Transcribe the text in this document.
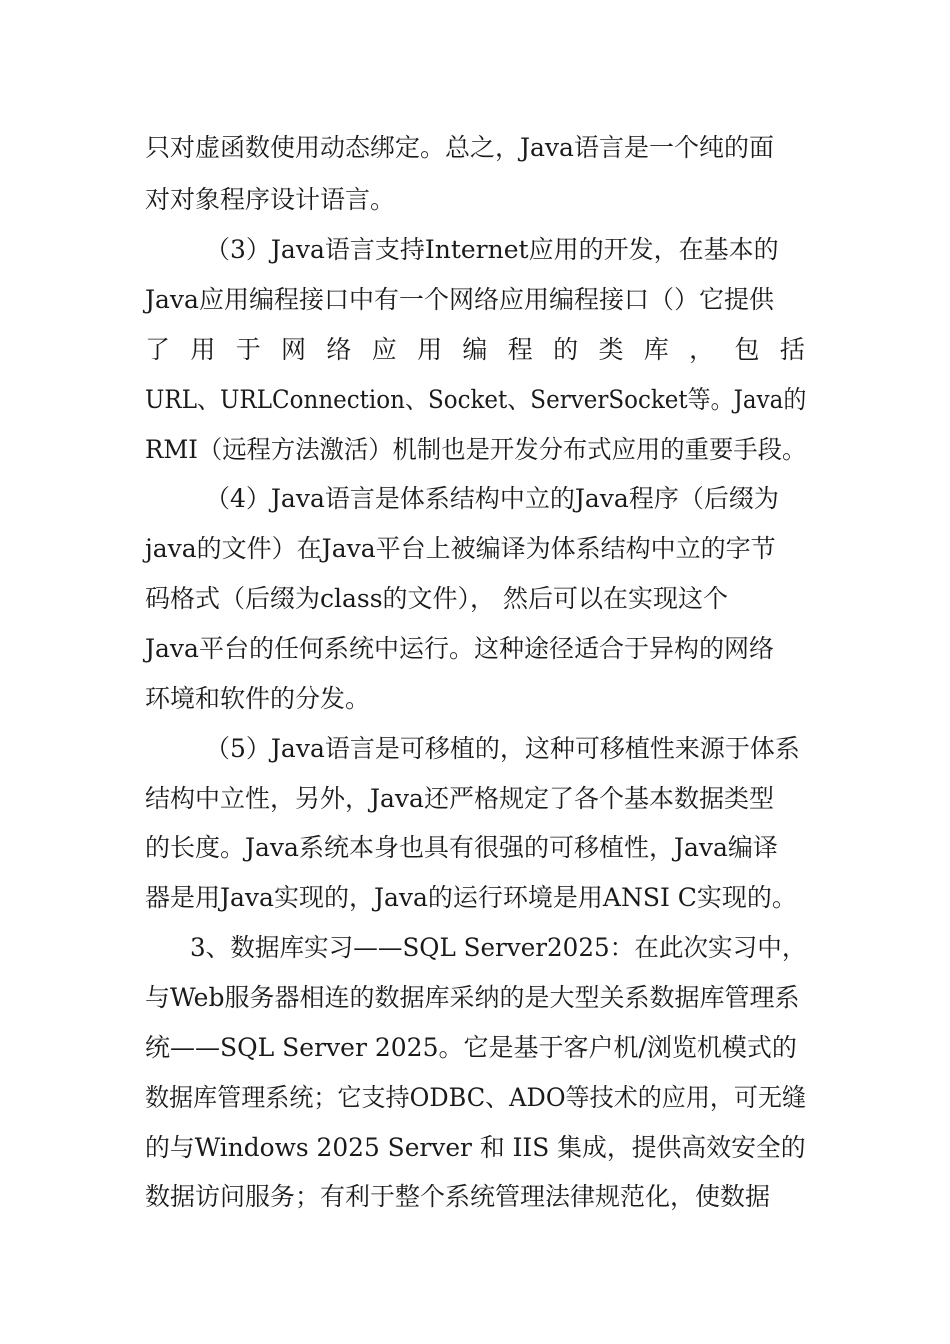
只对虚函数使用动态绑定。总之，Java语言是一个纯的面
对对象程序设计语言。
（3）Java语言支持Internet应用的开发，在基本的
Java应用编程接口中有一个网络应用编程接口（）它提供
了 用 于 网 络 应 用 编 程 的 类 库 ， 包 括
URL、URLConnection、Socket、ServerSocket等。Java的
RMI（远程方法激活）机制也是开发分布式应用的重要手段。
（4）Java语言是体系结构中立的Java程序（后缀为
java的文件）在Java平台上被编译为体系结构中立的字节
码格式（后缀为class的文件）， 然后可以在实现这个
Java平台的任何系统中运行。这种途径适合于异构的网络
环境和软件的分发。
（5）Java语言是可移植的，这种可移植性来源于体系
结构中立性，另外，Java还严格规定了各个基本数据类型
的长度。Java系统本身也具有很强的可移植性，Java编译
器是用Java实现的，Java的运行环境是用ANSI C实现的。
3、数据库实习——SQL Server2025：在此次实习中，
与Web服务器相连的数据库采纳的是大型关系数据库管理系
统——SQL Server 2025。它是基于客户机/浏览机模式的
数据库管理系统；它支持ODBC、ADO等技术的应用，可无缝
的与Windows 2025 Server 和 IIS 集成，提供高效安全的
数据访问服务；有利于整个系统管理法律规范化，使数据
